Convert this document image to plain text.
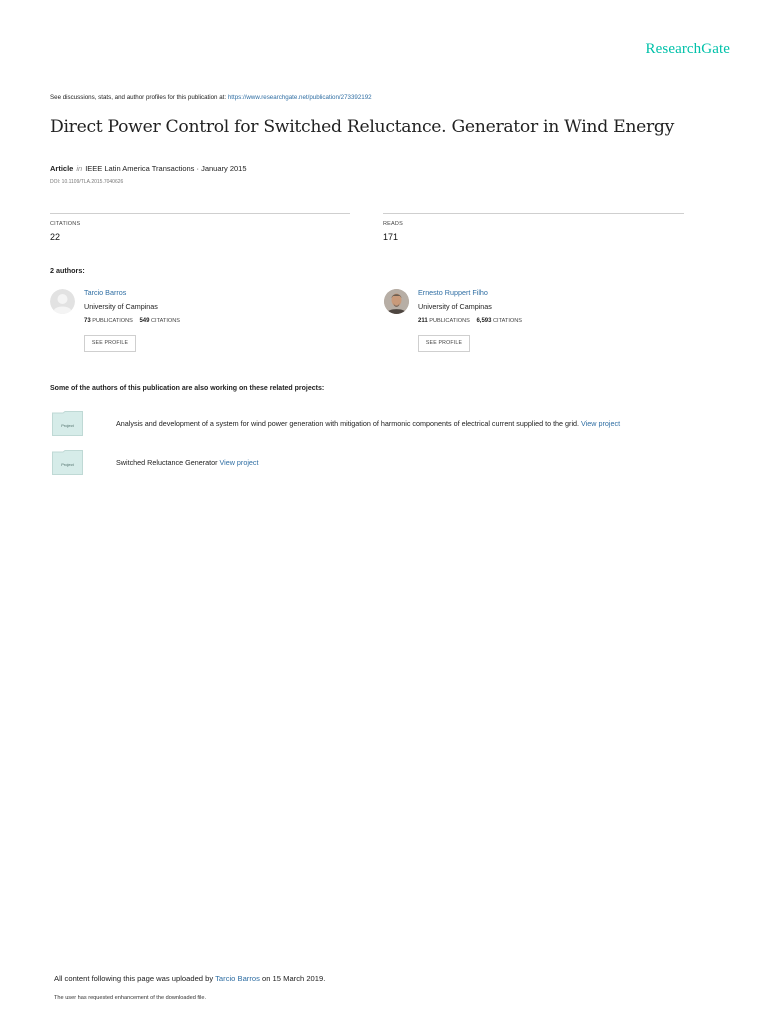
ResearchGate
See discussions, stats, and author profiles for this publication at: https://www.researchgate.net/publication/273392192
Direct Power Control for Switched Reluctance. Generator in Wind Energy
Article in IEEE Latin America Transactions · January 2015
DOI: 10.1109/TLA.2015.7040626
CITATIONS
22
READS
171
2 authors:
Tarcio Barros
University of Campinas
73 PUBLICATIONS 549 CITATIONS
SEE PROFILE
Ernesto Ruppert Filho
University of Campinas
211 PUBLICATIONS 6,593 CITATIONS
SEE PROFILE
Some of the authors of this publication are also working on these related projects:
Project	Analysis and development of a system for wind power generation with mitigation of harmonic components of electrical current supplied to the grid. View project
Project	Switched Reluctance Generator View project
All content following this page was uploaded by Tarcio Barros on 15 March 2019.
The user has requested enhancement of the downloaded file.
